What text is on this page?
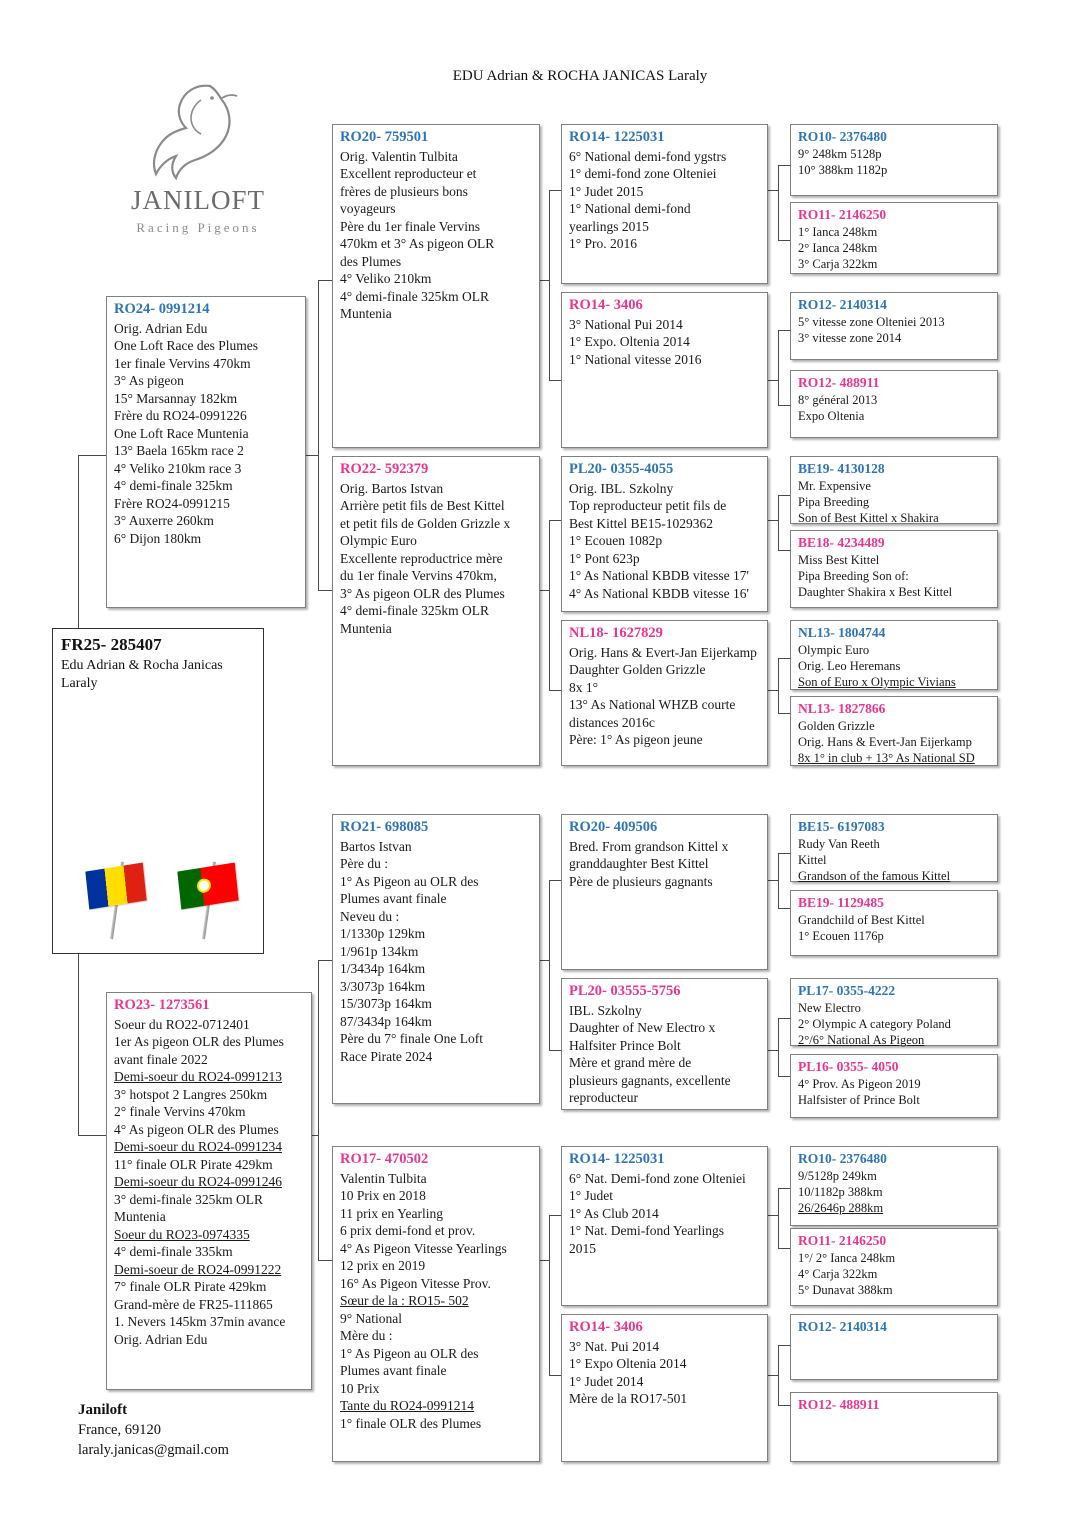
EDU Adrian & ROCHA JANICAS Laraly
JANILOFT
Racing Pigeons
FR25- 285407
Edu Adrian & Rocha Janicas
Laraly
RO24- 0991214
Orig. Adrian Edu
One Loft Race des Plumes
1er finale Vervins 470km
3° As pigeon
15° Marsannay 182km
Frère du RO24-0991226
One Loft Race Muntenia
13° Baela 165km race 2
4° Veliko 210km race 3
4° demi-finale 325km
Frère RO24-0991215
3° Auxerre 260km
6° Dijon 180km
RO23- 1273561
Soeur du RO22-0712401
1er As pigeon OLR des Plumes
avant finale 2022
Demi-soeur du RO24-0991213
3° hotspot 2 Langres 250km
2° finale Vervins 470km
4° As pigeon OLR des Plumes
Demi-soeur du RO24-0991234
11° finale OLR Pirate 429km
Demi-soeur du RO24-0991246
3° demi-finale 325km OLR
Muntenia
Soeur du RO23-0974335
4° demi-finale 335km
Demi-soeur de RO24-0991222
7° finale OLR Pirate 429km
Grand-mère de FR25-111865
1. Nevers 145km 37min avance
Orig. Adrian Edu
RO20- 759501
Orig. Valentin Tulbita
Excellent reproducteur et
frères de plusieurs bons
voyageurs
Père du 1er finale Vervins
470km et 3° As pigeon OLR
des Plumes
4° Veliko 210km
4° demi-finale 325km OLR
Muntenia
RO22- 592379
Orig. Bartos Istvan
Arrière petit fils de Best Kittel
et petit fils de Golden Grizzle x
Olympic Euro
Excellente reproductrice mère
du 1er finale Vervins 470km,
3° As pigeon OLR des Plumes
4° demi-finale 325km OLR
Muntenia
RO21- 698085
Bartos Istvan
Père du :
1° As Pigeon au OLR des
Plumes avant finale
Neveu du :
1/1330p 129km
1/961p 134km
1/3434p 164km
3/3073p 164km
15/3073p 164km
87/3434p 164km
Père du 7° finale One Loft
Race Pirate 2024
RO17- 470502
Valentin Tulbita
10 Prix en 2018
11 prix en Yearling
6 prix demi-fond et prov.
4° As Pigeon Vitesse Yearlings
12 prix en 2019
16° As Pigeon Vitesse Prov.
Sœur de la : RO15- 502
9° National
Mère du :
1° As Pigeon au OLR des
Plumes avant finale
10 Prix
Tante du RO24-0991214
1° finale OLR des Plumes
RO14- 1225031
6° National demi-fond ygstrs
1° demi-fond zone Olteniei
1° Judet 2015
1° National demi-fond
yearlings 2015
1° Pro. 2016
RO14- 3406
3° National Pui 2014
1° Expo. Oltenia 2014
1° National vitesse 2016
PL20- 0355-4055
Orig. IBL. Szkolny
Top reproducteur petit fils de
Best Kittel BE15-1029362
1° Ecouen 1082p
1° Pont 623p
1° As National KBDB vitesse 17'
4° As National KBDB vitesse 16'
NL18- 1627829
Orig. Hans & Evert-Jan Eijerkamp
Daughter Golden Grizzle
8x 1°
13° As National WHZB courte
distances 2016c
Père: 1° As pigeon jeune
RO20- 409506
Bred. From grandson Kittel x
granddaughter Best Kittel
Père de plusieurs gagnants
PL20- 03555-5756
IBL. Szkolny
Daughter of New Electro x
Halfsiter Prince Bolt
Mère et grand mère de
plusieurs gagnants, excellente
reproducteur
RO14- 1225031
6° Nat. Demi-fond zone Olteniei
1° Judet
1° As Club 2014
1° Nat. Demi-fond Yearlings
2015
RO14- 3406
3° Nat. Pui 2014
1° Expo Oltenia 2014
1° Judet 2014
Mère de la RO17-501
RO10- 2376480
9° 248km 5128p
10° 388km 1182p
RO11- 2146250
1° Ianca 248km
2° Ianca 248km
3° Carja 322km
RO12- 2140314
5° vitesse zone Olteniei 2013
3° vitesse zone 2014
RO12- 488911
8° général 2013
Expo Oltenia
BE19- 4130128
Mr. Expensive
Pipa Breeding
Son of Best Kittel x Shakira
BE18- 4234489
Miss Best Kittel
Pipa Breeding Son of:
Daughter Shakira x Best Kittel
NL13- 1804744
Olympic Euro
Orig. Leo Heremans
Son of Euro x Olympic Vivians
NL13- 1827866
Golden Grizzle
Orig. Hans & Evert-Jan Eijerkamp
8x 1° in club + 13° As National SD
BE15- 6197083
Rudy Van Reeth
Kittel
Grandson of the famous Kittel
BE19- 1129485
Grandchild of Best Kittel
1° Ecouen 1176p
PL17- 0355-4222
New Electro
2° Olympic A category Poland
2°/6° National As Pigeon
PL16- 0355- 4050
4° Prov. As Pigeon 2019
Halfsister of Prince Bolt
RO10- 2376480
9/5128p 249km
10/1182p 388km
26/2646p 288km
RO11- 2146250
1°/ 2° Ianca 248km
4° Carja 322km
5° Dunavat 388km
RO12- 2140314
RO12- 488911
Janiloft
France, 69120
laraly.janicas@gmail.com
